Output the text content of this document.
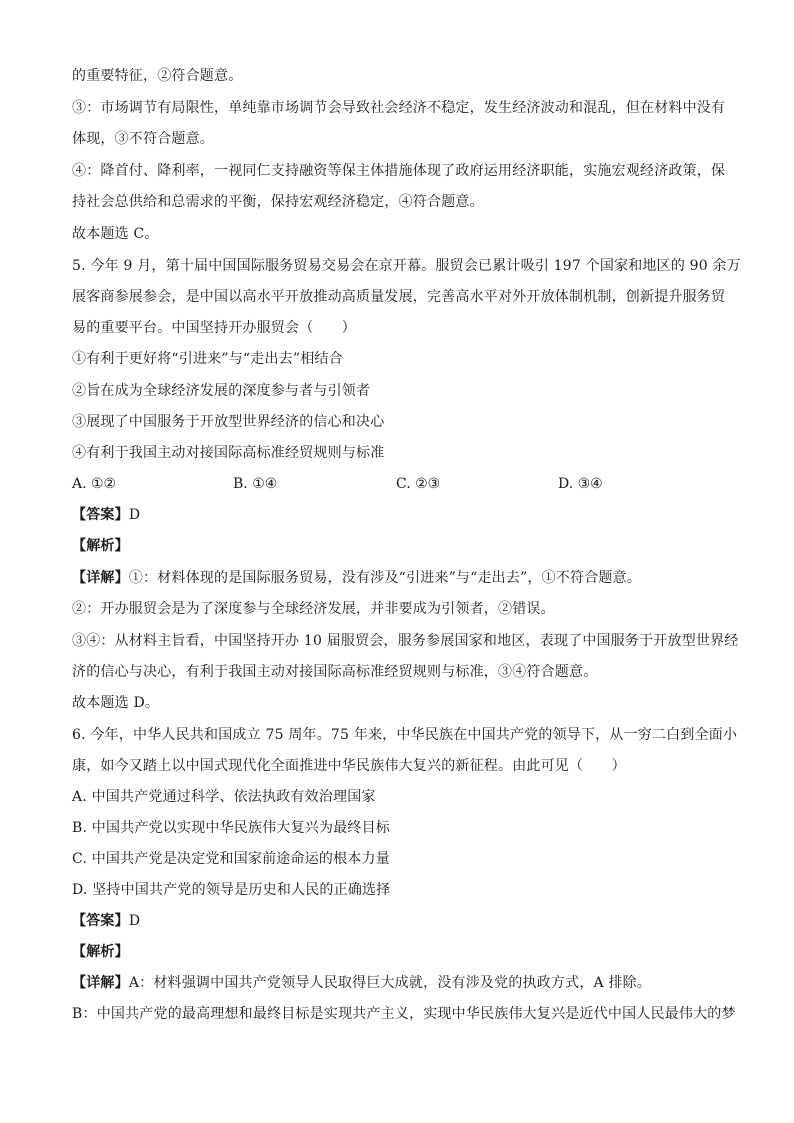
的重要特征，②符合题意。
③：市场调节有局限性，单纯靠市场调节会导致社会经济不稳定，发生经济波动和混乱，但在材料中没有
体现，③不符合题意。
④：降首付、降利率，一视同仁支持融资等保主体措施体现了政府运用经济职能，实施宏观经济政策，保
持社会总供给和总需求的平衡，保持宏观经济稳定，④符合题意。
故本题选 C。
5. 今年 9 月，第十届中国国际服务贸易交易会在京开幕。服贸会已累计吸引 197 个国家和地区的 90 余万
展客商参展参会，是中国以高水平开放推动高质量发展，完善高水平对外开放体制机制，创新提升服务贸
易的重要平台。中国坚持开办服贸会（　　）
①有利于更好将“引进来”与“走出去”相结合
②旨在成为全球经济发展的深度参与者与引领者
③展现了中国服务于开放型世界经济的信心和决心
④有利于我国主动对接国际高标准经贸规则与标准
A. ①②	B. ①④	C. ②③	D. ③④
【答案】D
【解析】
【详解】①：材料体现的是国际服务贸易，没有涉及“引进来”与“走出去”，①不符合题意。
②：开办服贸会是为了深度参与全球经济发展，并非要成为引领者，②错误。
③④：从材料主旨看，中国坚持开办 10 届服贸会，服务参展国家和地区，表现了中国服务于开放型世界经
济的信心与决心，有利于我国主动对接国际高标准经贸规则与标准，③④符合题意。
故本题选 D。
6. 今年，中华人民共和国成立 75 周年。75 年来，中华民族在中国共产党的领导下，从一穷二白到全面小
康，如今又踏上以中国式现代化全面推进中华民族伟大复兴的新征程。由此可见（　　）
A. 中国共产党通过科学、依法执政有效治理国家
B. 中国共产党以实现中华民族伟大复兴为最终目标
C. 中国共产党是决定党和国家前途命运的根本力量
D. 坚持中国共产党的领导是历史和人民的正确选择
【答案】D
【解析】
【详解】A：材料强调中国共产党领导人民取得巨大成就，没有涉及党的执政方式，A 排除。
B：中国共产党的最高理想和最终目标是实现共产主义，实现中华民族伟大复兴是近代中国人民最伟大的梦
